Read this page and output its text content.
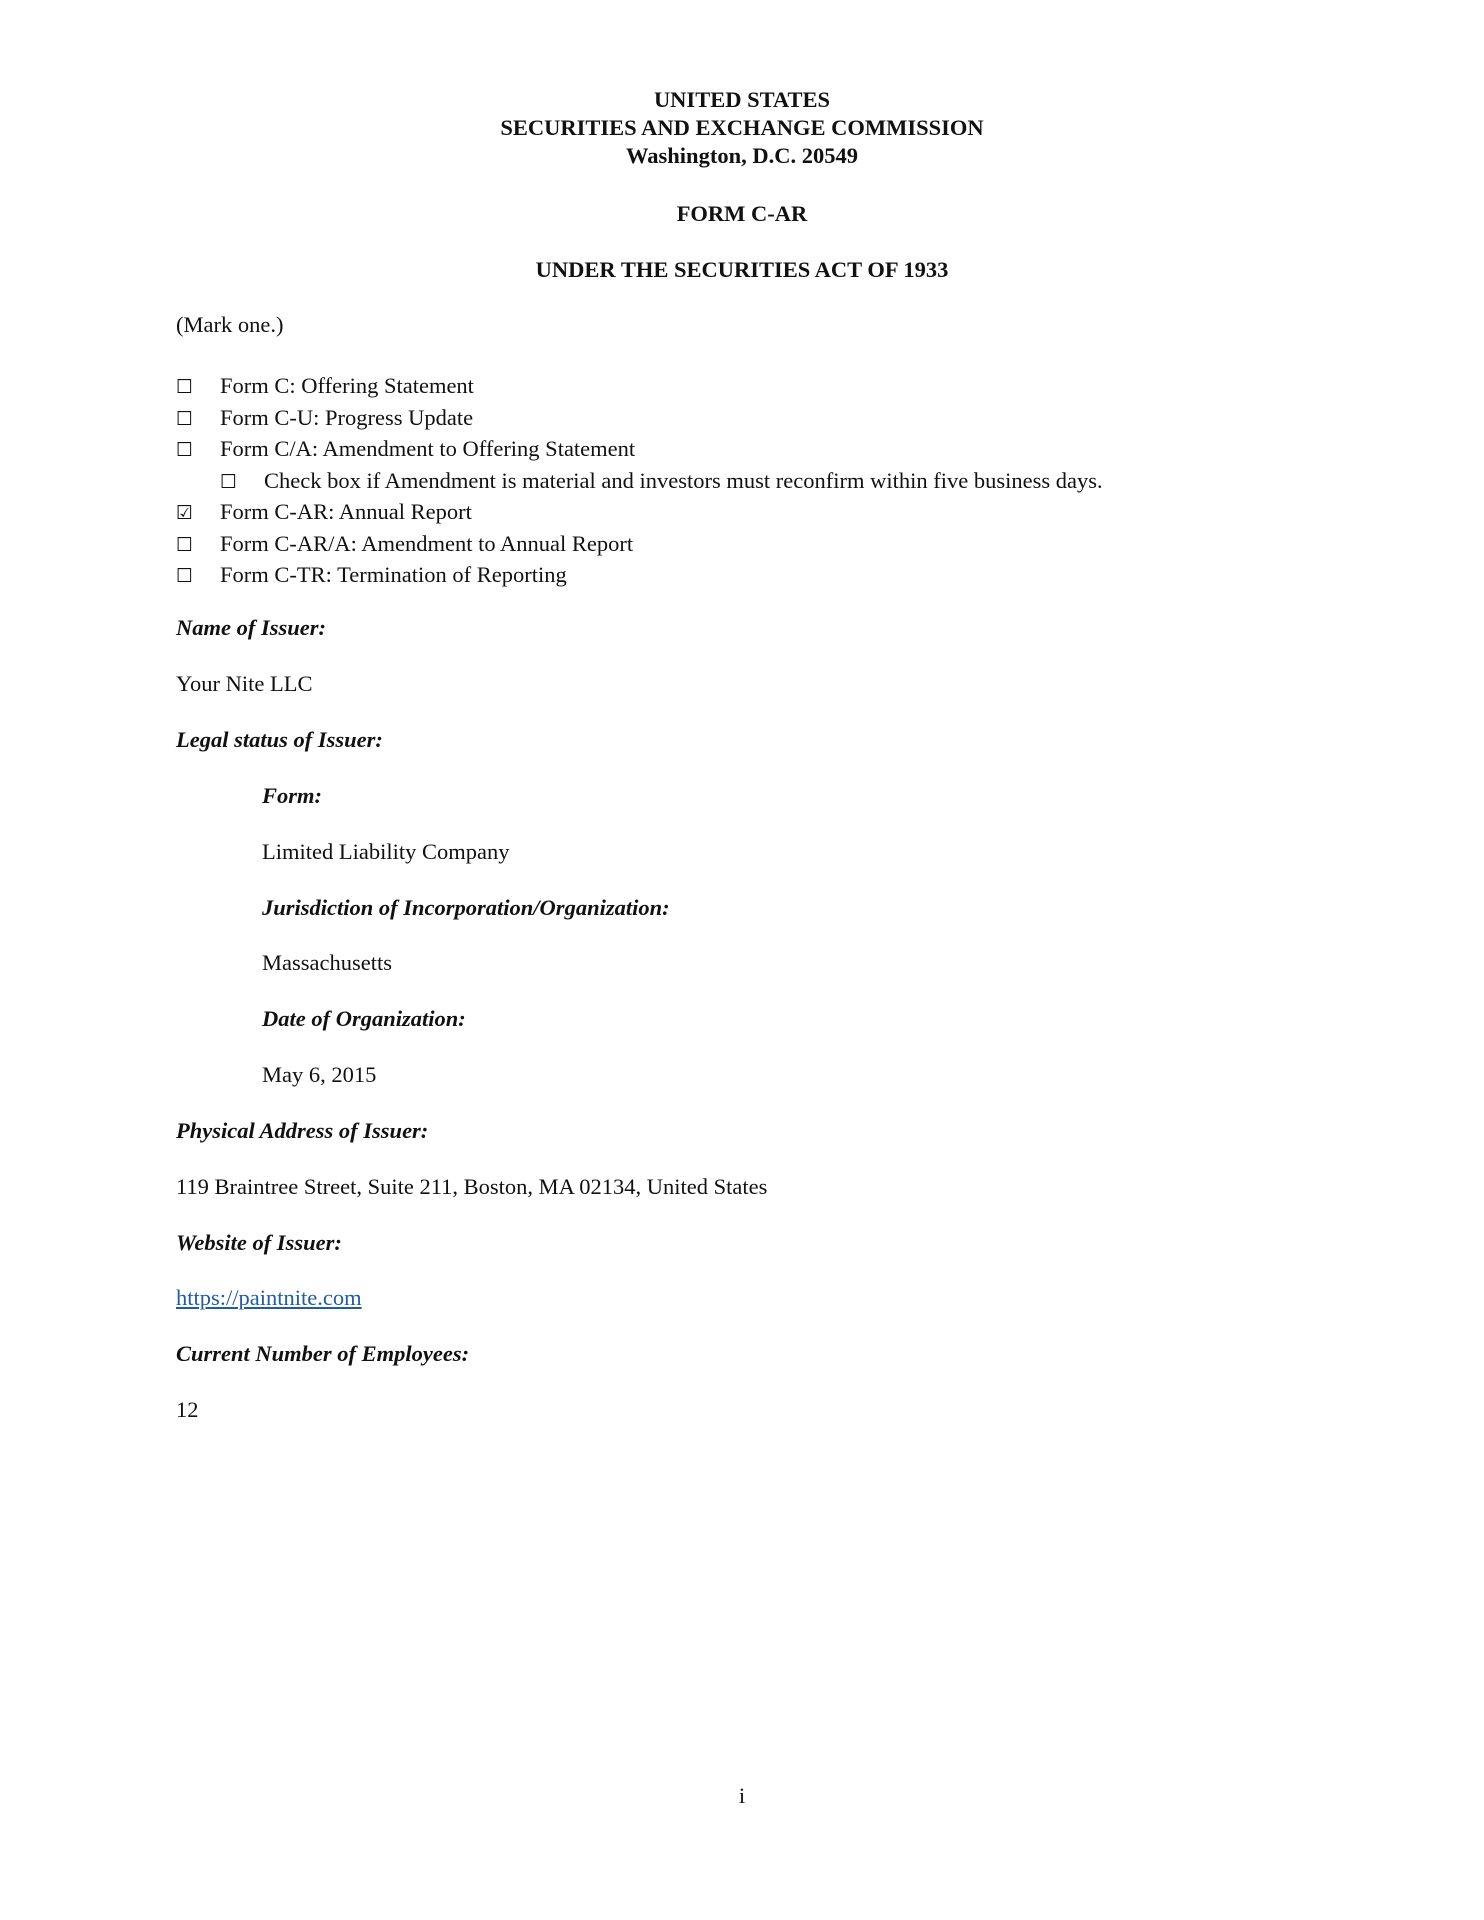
UNITED STATES
SECURITIES AND EXCHANGE COMMISSION
Washington, D.C. 20549
FORM C-AR
UNDER THE SECURITIES ACT OF 1933
(Mark one.)
☐ Form C: Offering Statement
☐ Form C-U: Progress Update
☐ Form C/A: Amendment to Offering Statement
☐ Check box if Amendment is material and investors must reconfirm within five business days.
☑ Form C-AR: Annual Report
☐ Form C-AR/A: Amendment to Annual Report
☐ Form C-TR: Termination of Reporting
Name of Issuer:
Your Nite LLC
Legal status of Issuer:
Form:
Limited Liability Company
Jurisdiction of Incorporation/Organization:
Massachusetts
Date of Organization:
May 6, 2015
Physical Address of Issuer:
119 Braintree Street, Suite 211, Boston, MA 02134, United States
Website of Issuer:
https://paintnite.com
Current Number of Employees:
12
i
